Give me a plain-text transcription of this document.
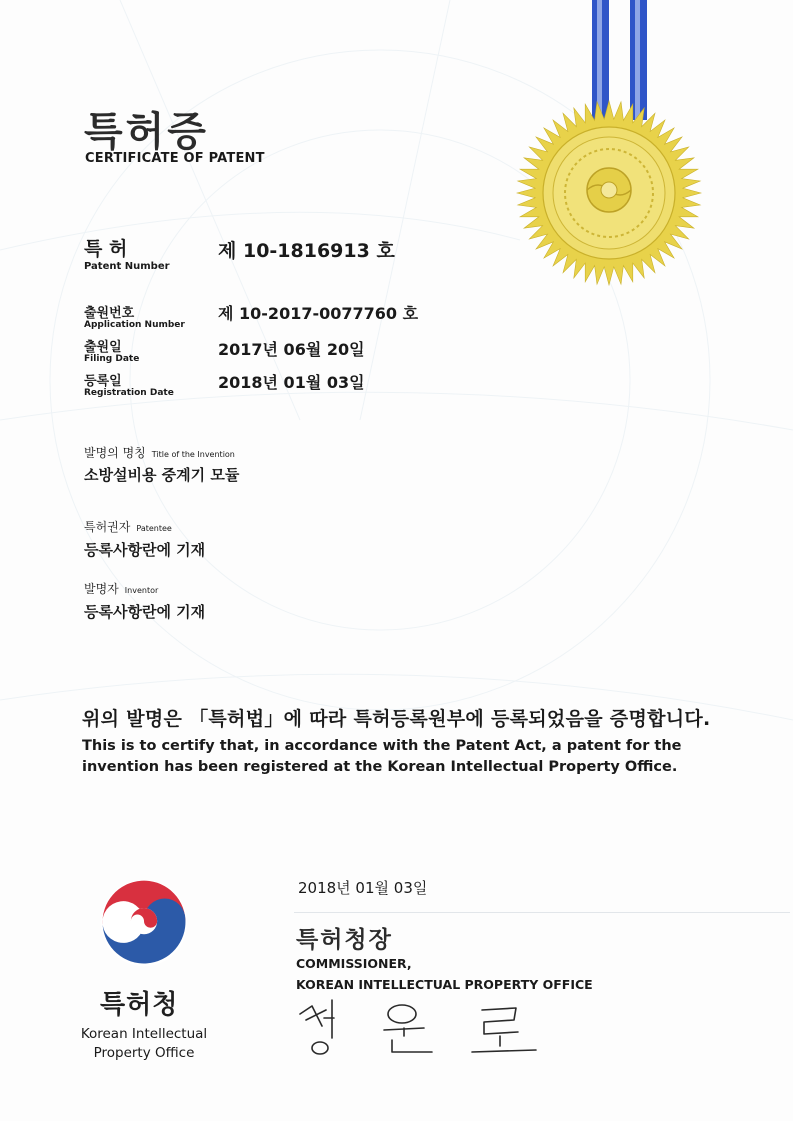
특허증
CERTIFICATE OF PATENT
특 허
Patent Number
제 10-1816913 호
출원번호
Application Number
제 10-2017-0077760 호
출원일
Filing Date	2017년 06월 20일
등록일
Registration Date
2018년 01월 03일
발명의 명칭 Title of the Invention
소방설비용 중계기 모듈
특허권자 Patentee
등록사항란에 기재
발명자 Inventor
등록사항란에 기재
위의 발명은 「특허법」에 따라 특허등록원부에 등록되었음을 증명합니다.
This is to certify that, in accordance with the Patent Act, a patent for the invention has been registered at the Korean Intellectual Property Office.
특허청
Korean Intellectual Property Office
2018년 01월 03일
특허청장
COMMISSIONER,
KOREAN INTELLECTUAL PROPERTY OFFICE
